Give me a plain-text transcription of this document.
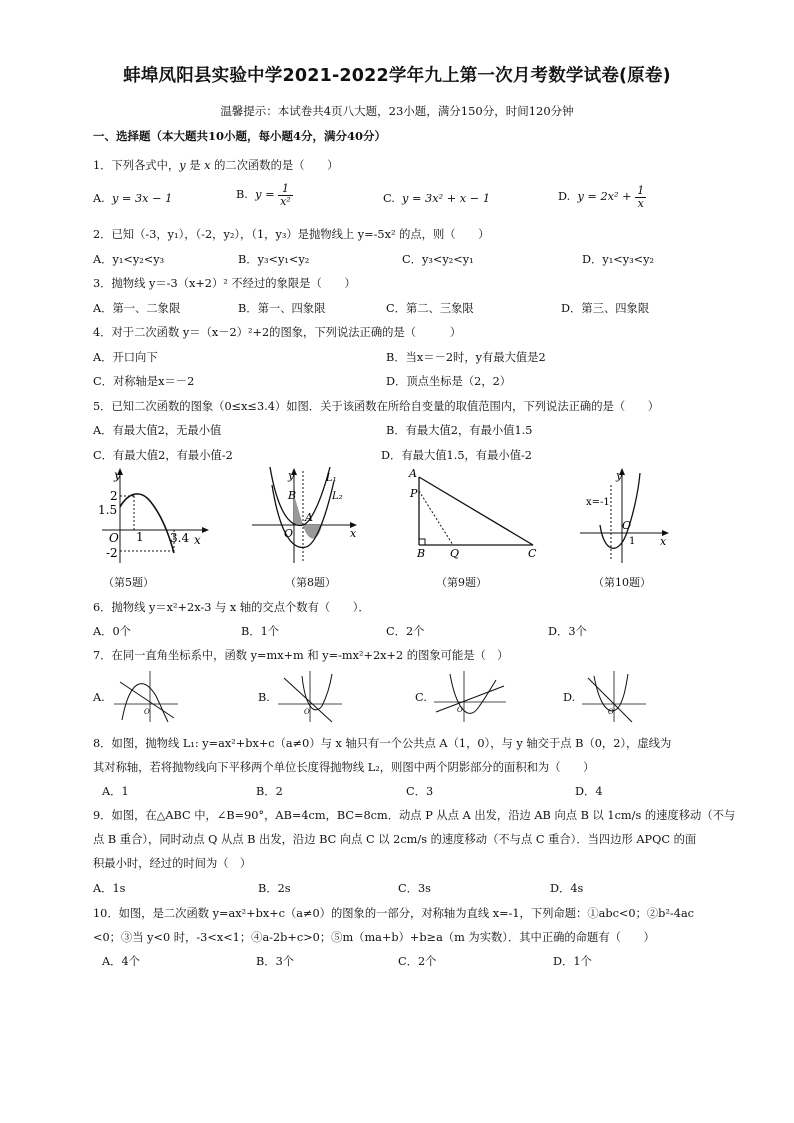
蚌埠凤阳县实验中学2021-2022学年九上第一次月考数学试卷(原卷)
温馨提示：本试卷共4页八大题，23小题，满分150分，时间120分钟
一、选择题（本大题共10小题，每小题4分，满分40分）
1．下列各式中，y 是 x 的二次函数的是（　　）
A. y = 3x − 1	B. $y = \frac{1}{\text{x²}}$	C. y = 3x² + x − 1	D. $y = 2x^2 + \frac{1}{x}$
2．已知（-3，y₁），（-2，y₂），（1，y₃）是抛物线上 y=-5x² 的点，则（　　）
A．y₁<y₂<y₃	B．y₃<y₁<y₂	C．y₃<y₂<y₁	D．y₁<y₃<y₂
3．抛物线 y＝-3（x+2）² 不经过的象限是（　　）
A．第一、二象限	B．第一、四象限	C．第二、三象限	D．第三、四象限
4．对于二次函数 y＝（x－2）²+2的图象，下列说法正确的是（　　　）
A．开口向下	B．当x＝－2时，y有最大值是2
C．对称轴是x＝－2	D．顶点坐标是（2，2）
5．已知二次函数的图象（0≤x≤3.4）如图．关于该函数在所给自变量的取值范围内，下列说法正确的是（　　）
A．有最大值2，无最小值	B．有最大值2，有最小值1.5
C．有最大值2，有最小值-2	D．有最大值1.5，有最小值-2
y
x
2
1.5
O 1 3.4
-2
（第5题）
y
x
O
B
A
L₁
L₂
（第8题）
A
P
B Q	C
（第9题）
y
x
x=-1
O
1
（第10题）
6．抛物线 y＝x²+2x-3 与 x 轴的交点个数有（　　）．
A．0个	B．1个	C．2个	D．3个
7．在同一直角坐标系中，函数 y=mx+m 和 y=-mx²+2x+2 的图象可能是（　）
A.
O
B.
O
C.
O
D.
O
8．如图，抛物线 L₁: y=ax²+bx+c（a≠0）与 x 轴只有一个公共点 A（1，0），与 y 轴交于点 B（0，2），虚线为
其对称轴，若将抛物线向下平移两个单位长度得抛物线 L₂，则图中两个阴影部分的面积和为（　　）
A．1	B．2	C．3	D．4
9．如图，在△ABC 中，∠B=90°，AB=4cm，BC=8cm．动点 P 从点 A 出发，沿边 AB 向点 B 以 1cm/s 的速度移动（不与
点 B 重合），同时动点 Q 从点 B 出发，沿边 BC 向点 C 以 2cm/s 的速度移动（不与点 C 重合）．当四边形 APQC 的面
积最小时，经过的时间为（　）
A．1s	B．2s	C．3s	D．4s
10．如图，是二次函数 y=ax²+bx+c（a≠0）的图象的一部分，对称轴为直线 x=-1，下列命题：①abc<0；②b²-4ac
<0；③当 y<0 时，-3<x<1；④a-2b+c>0；⑤m（ma+b）+b≥a（m 为实数）．其中正确的命题有（　　）
A．4个	B．3个	C．2个	D．1个
